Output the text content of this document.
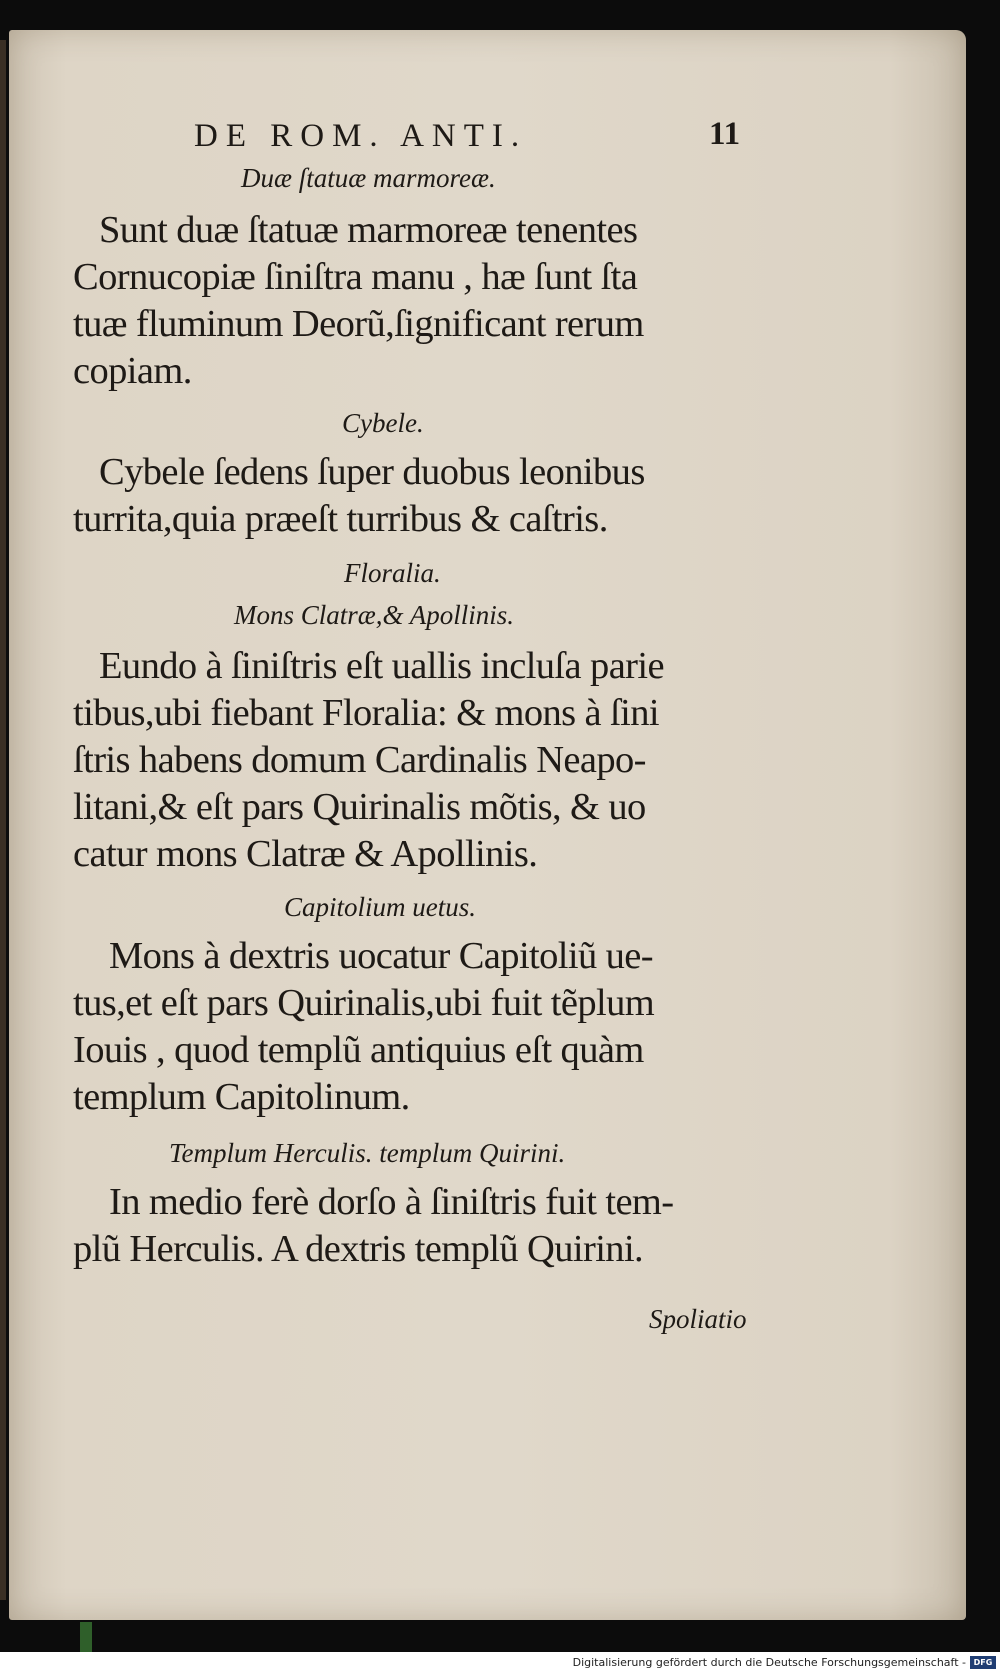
DE ROM. ANTI.	11
Duæ ſtatuæ marmoreæ.
Sunt duæ ſtatuæ marmoreæ tenentes
Cornucopiæ ſiniſtra manu , hæ ſunt ſta
tuæ fluminum Deorũ,ſignificant rerum
copiam.
Cybele.
Cybele ſedens ſuper duobus leonibus
turrita,quia præeſt turribus & caſtris.
Floralia.
Mons Clatræ,& Apollinis.
Eundo à ſiniſtris eſt uallis incluſa parie
tibus,ubi fiebant Floralia: & mons à ſini
ſtris habens domum Cardinalis Neapo-
litani,& eſt pars Quirinalis mõtis, & uo
catur mons Clatræ & Apollinis.
Capitolium uetus.
Mons à dextris uocatur Capitoliũ ue-
tus,et eſt pars Quirinalis,ubi fuit tẽplum
Iouis , quod templũ antiquius eſt quàm
templum Capitolinum.
Templum Herculis. templum Quirini.
In medio ferè dorſo à ſiniſtris fuit tem-
plũ Herculis. A dextris templũ Quirini.
Spoliatio
Digitalisierung gefördert durch die Deutsche Forschungsgemeinschaft - DFG
